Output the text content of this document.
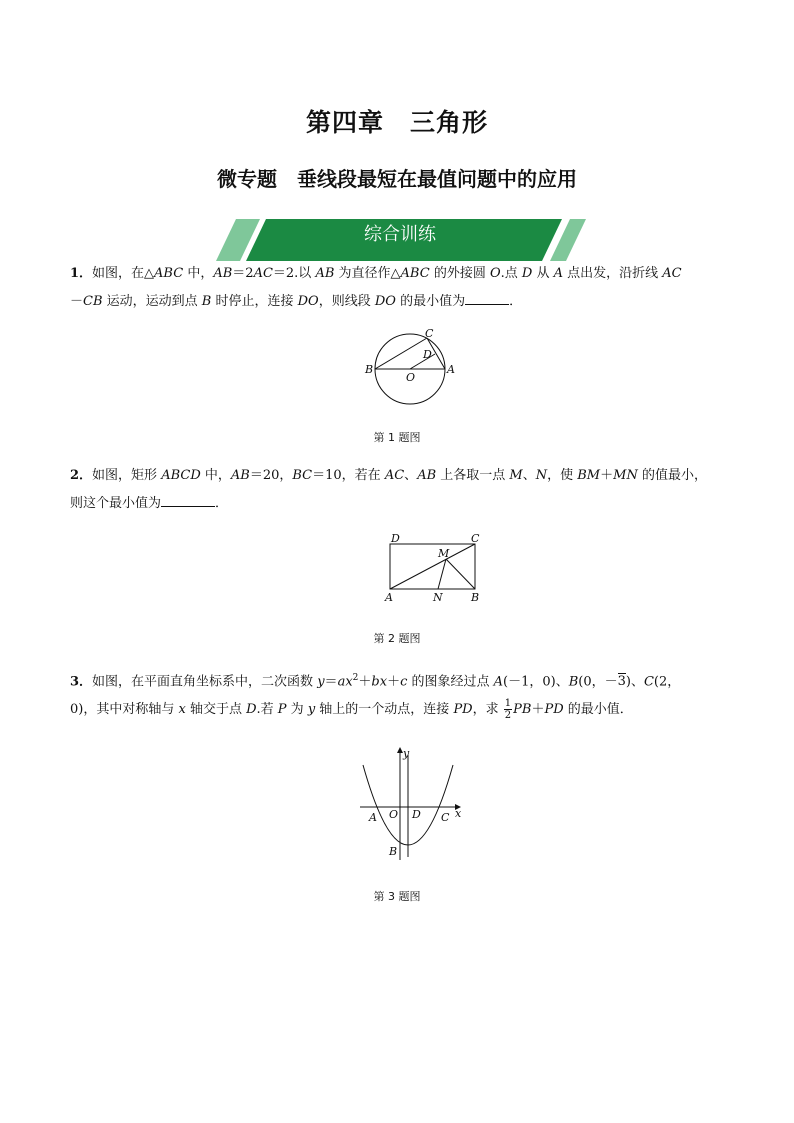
第四章　三角形
微专题　垂线段最短在最值问题中的应用
综合训练
1．如图，在△ABC 中，AB＝2AC＝2.以 AB 为直径作△ABC 的外接圆 O.点 D 从 A 点出发，沿折线 AC
－CB 运动，运动到点 B 时停止，连接 DO，则线段 DO 的最小值为	．
C
D
B
O
A
第 1 题图
2．如图，矩形 ABCD 中，AB＝20，BC＝10，若在 AC、AB 上各取一点 M、N，使 BM＋MN 的值最小，
则这个最小值为	．
D	C
M
A	N	B
第 2 题图
3．如图，在平面直角坐标系中，二次函数 $y=ax^2+bx+c$ 的图象经过点 A(－1，0)、B(0，－3)、C(2，
0)，其中对称轴与 x 轴交于点 D.若 P 为 y 轴上的一个动点，连接 PD，求 $\frac{1}{2} PB+PD$ 的最小值．
y
A O D C x
B
第 3 题图
